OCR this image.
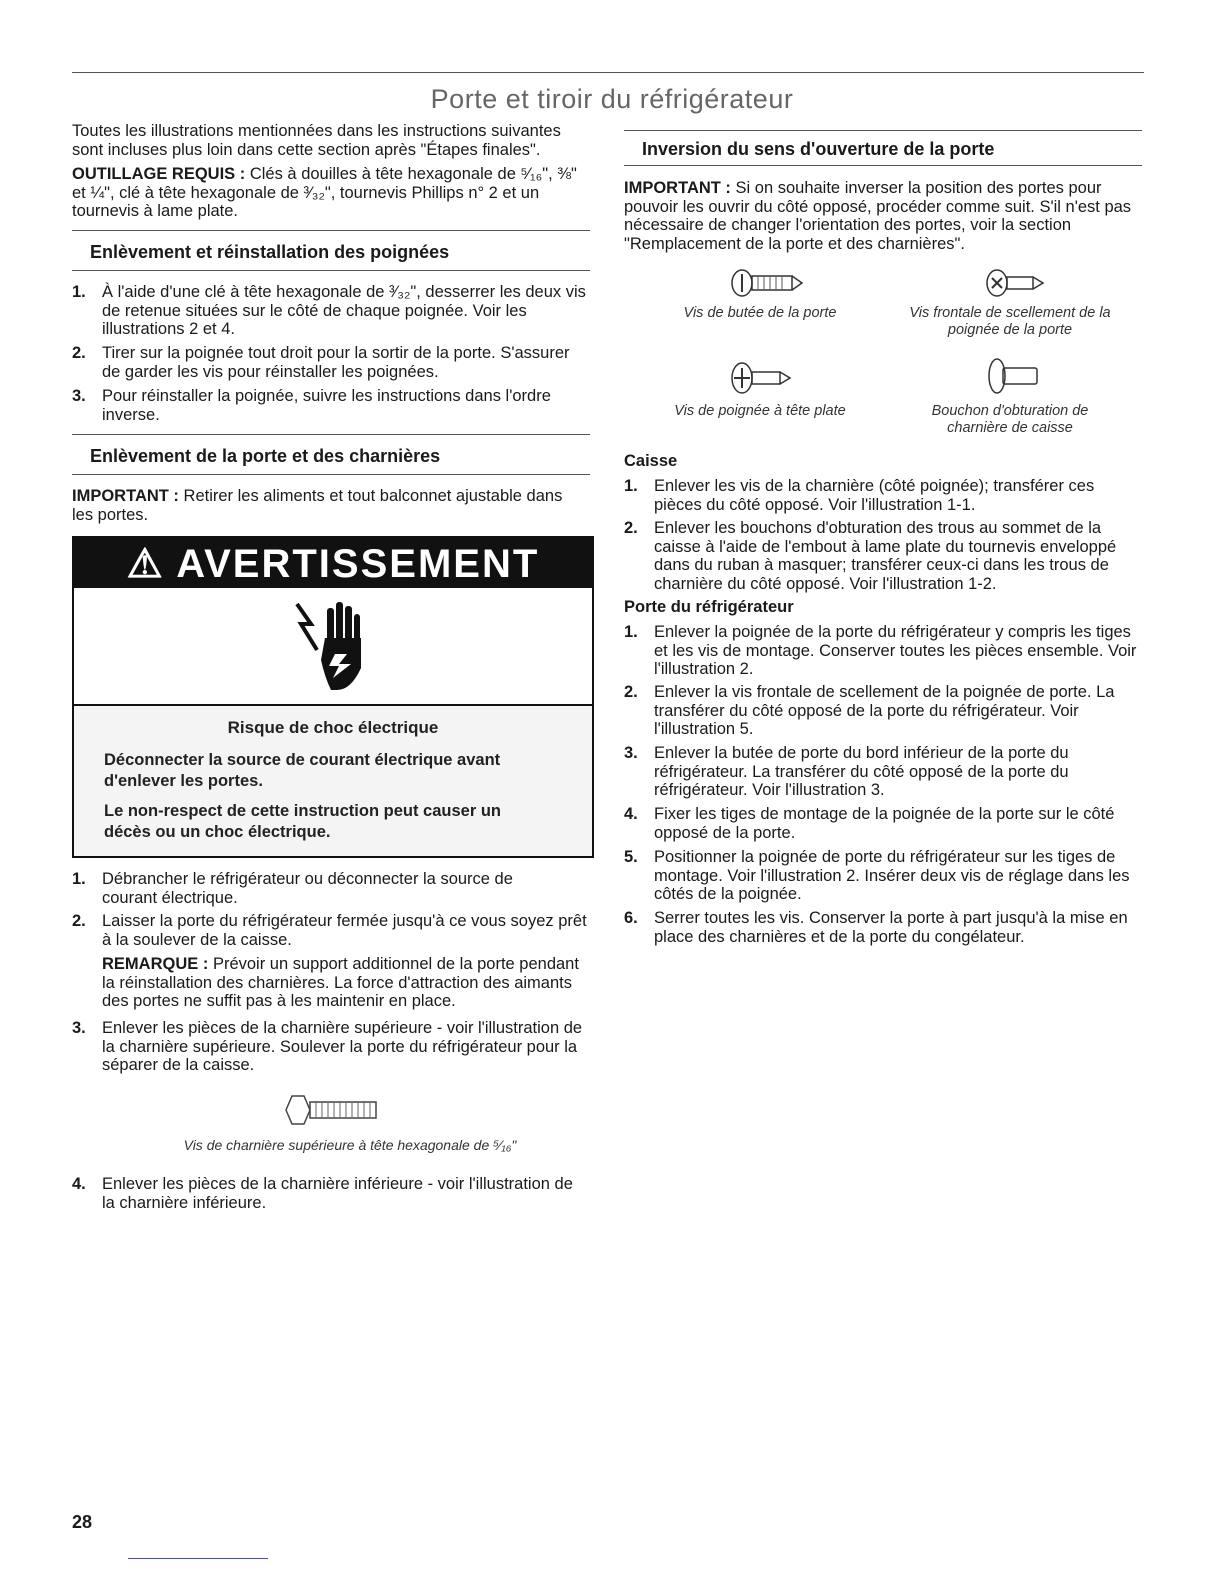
Porte et tiroir du réfrigérateur

Toutes les illustrations mentionnées dans les instructions suivantes sont incluses plus loin dans cette section après "Étapes finales".

OUTILLAGE REQUIS : Clés à douilles à tête hexagonale de ⁵⁄₁₆", ⅜" et ¼", clé à tête hexagonale de ³⁄₃₂", tournevis Phillips n° 2 et un tournevis à lame plate.

Enlèvement et réinstallation des poignées
1. À l'aide d'une clé à tête hexagonale de ³⁄₃₂", desserrer les deux vis de retenue situées sur le côté de chaque poignée. Voir les illustrations 2 et 4.
2. Tirer sur la poignée tout droit pour la sortir de la porte. S'assurer de garder les vis pour réinstaller les poignées.
3. Pour réinstaller la poignée, suivre les instructions dans l'ordre inverse.
Enlèvement de la porte et des charnières

IMPORTANT : Retirer les aliments et tout balconnet ajustable dans les portes.

⚠ AVERTISSEMENT
Risque de choc électrique
Déconnecter la source de courant électrique avant d'enlever les portes.
Le non-respect de cette instruction peut causer un décès ou un choc électrique.
1. Débrancher le réfrigérateur ou déconnecter la source de courant électrique.
2. Laisser la porte du réfrigérateur fermée jusqu'à ce vous soyez prêt à la soulever de la caisse.

REMARQUE : Prévoir un support additionnel de la porte pendant la réinstallation des charnières. La force d'attraction des aimants des portes ne suffit pas à les maintenir en place.

3. Enlever les pièces de la charnière supérieure - voir l'illustration de la charnière supérieure. Soulever la porte du réfrigérateur pour la séparer de la caisse.
Vis de charnière supérieure à tête hexagonale de ⁵⁄₁₆"
4. Enlever les pièces de la charnière inférieure - voir l'illustration de la charnière inférieure.
Inversion du sens d'ouverture de la porte

IMPORTANT : Si on souhaite inverser la position des portes pour pouvoir les ouvrir du côté opposé, procéder comme suit. S'il n'est pas nécessaire de changer l'orientation des portes, voir la section "Remplacement de la porte et des charnières".

Vis de butée de la porte	Vis frontale de scellement de la poignée de la porte
Vis de poignée à tête plate	Bouchon d'obturation de charnière de caisse
Caisse
1. Enlever les vis de la charnière (côté poignée); transférer ces pièces du côté opposé. Voir l'illustration 1-1.
2. Enlever les bouchons d'obturation des trous au sommet de la caisse à l'aide de l'embout à lame plate du tournevis enveloppé dans du ruban à masquer; transférer ceux-ci dans les trous de charnière du côté opposé. Voir l'illustration 1-2.
Porte du réfrigérateur
1. Enlever la poignée de la porte du réfrigérateur y compris les tiges et les vis de montage. Conserver toutes les pièces ensemble. Voir l'illustration 2.
2. Enlever la vis frontale de scellement de la poignée de porte. La transférer du côté opposé de la porte du réfrigérateur. Voir l'illustration 5.
3. Enlever la butée de porte du bord inférieur de la porte du réfrigérateur. La transférer du côté opposé de la porte du réfrigérateur. Voir l'illustration 3.
4. Fixer les tiges de montage de la poignée de la porte sur le côté opposé de la porte.
5. Positionner la poignée de porte du réfrigérateur sur les tiges de montage. Voir l'illustration 2. Insérer deux vis de réglage dans les côtés de la poignée.
6. Serrer toutes les vis. Conserver la porte à part jusqu'à la mise en place des charnières et de la porte du congélateur.
28
